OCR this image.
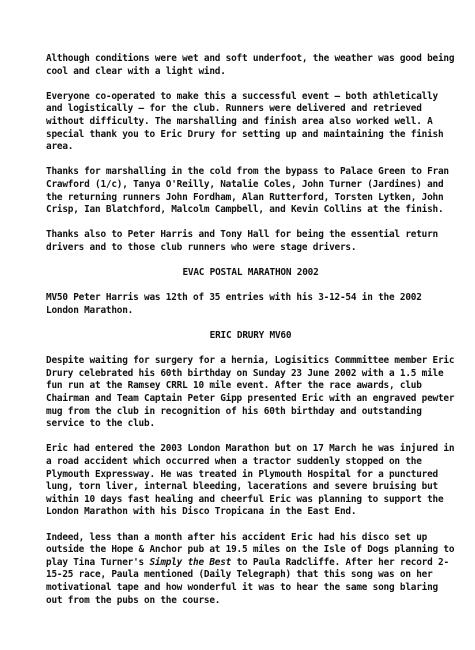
Although conditions were wet and soft underfoot, the weather was good being cool and clear with a light wind.

Everyone co-operated to make this a successful event – both athletically and logistically – for the club. Runners were delivered and retrieved without difficulty. The marshalling and finish area also worked well. A special thank you to Eric Drury for setting up and maintaining the finish area.

Thanks for marshalling in the cold from the bypass to Palace Green to Fran Crawford (1/c), Tanya O'Reilly, Natalie Coles, John Turner (Jardines) and the returning runners John Fordham, Alan Rutterford, Torsten Lytken, John Crisp, Ian Blatchford, Malcolm Campbell, and Kevin Collins at the finish.

Thanks also to Peter Harris and Tony Hall for being the essential return drivers and to those club runners who were stage drivers.

EVAC POSTAL MARATHON 2002

MV50 Peter Harris was 12th of 35 entries with his 3-12-54 in the 2002 London Marathon.

ERIC DRURY MV60

Despite waiting for surgery for a hernia, Logisitics Commmittee member Eric Drury celebrated his 60th birthday on Sunday 23 June 2002 with a 1.5 mile fun run at the Ramsey CRRL 10 mile event. After the race awards, club Chairman and Team Captain Peter Gipp presented Eric with an engraved pewter mug from the club in recognition of his 60th birthday and outstanding service to the club.

Eric had entered the 2003 London Marathon but on 17 March he was injured in a road accident which occurred when a tractor suddenly stopped on the Plymouth Expressway. He was treated in Plymouth Hospital for a punctured lung, torn liver, internal bleeding, lacerations and severe bruising but within 10 days fast healing and cheerful Eric was planning to support the London Marathon with his Disco Tropicana in the East End.

Indeed, less than a month after his accident Eric had his disco set up outside the Hope & Anchor pub at 19.5 miles on the Isle of Dogs planning to play Tina Turner's Simply the Best to Paula Radcliffe. After her record 2-15-25 race, Paula mentioned (Daily Telegraph) that this song was on her motivational tape and how wonderful it was to hear the same song blaring out from the pubs on the course.
